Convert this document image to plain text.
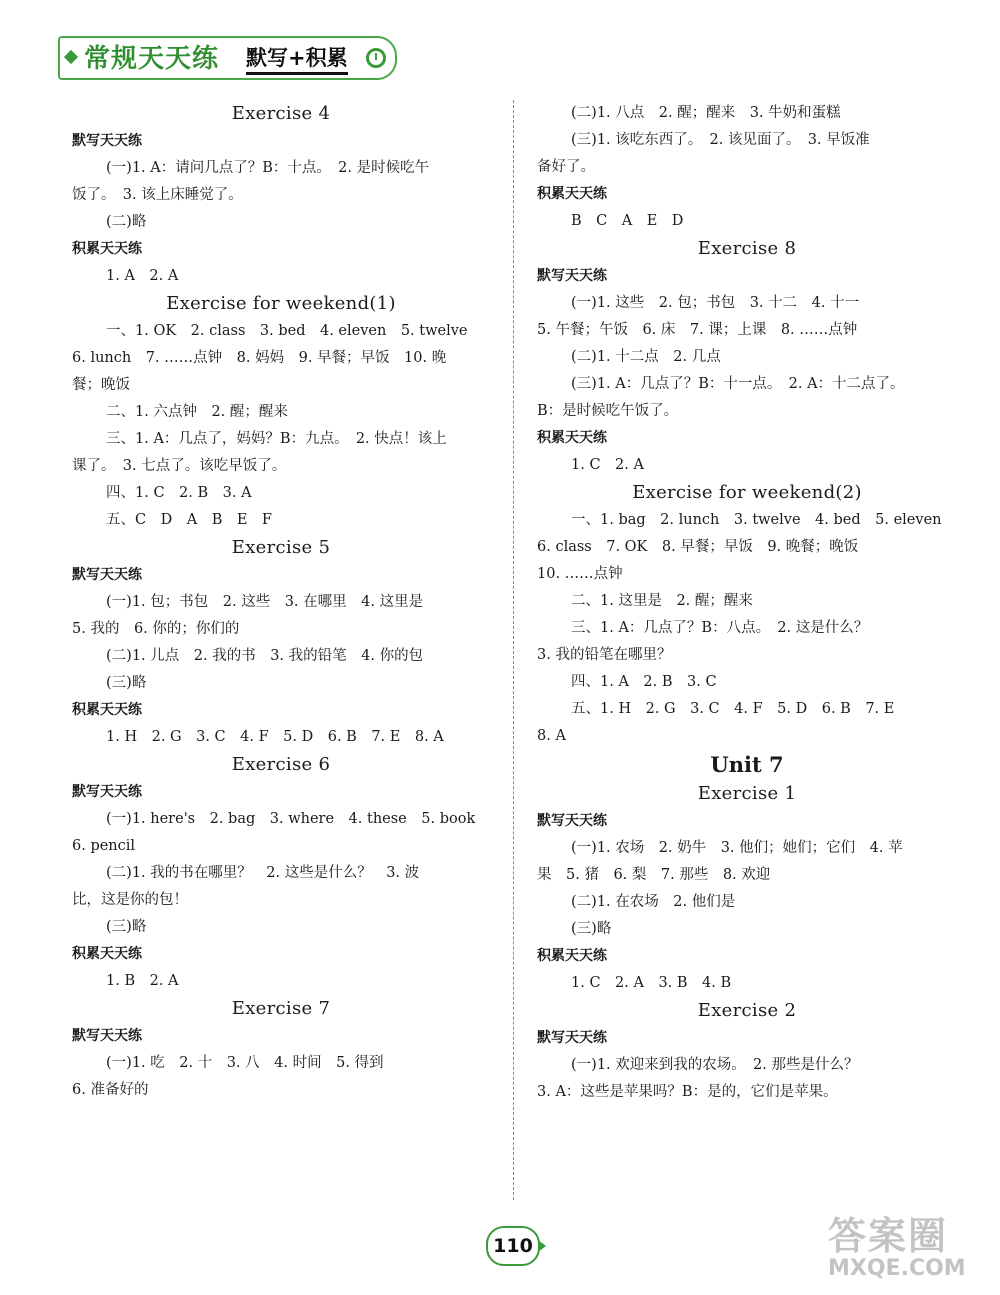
常规天天练 默写+积累
Exercise 4
默写天天练
(一)1. A：请问几点了？B：十点。　2. 是时候吃午
饭了。　3. 该上床睡觉了。
(二)略
积累天天练
1. A　2. A
Exercise for weekend(1)
一、1. OK　2. class　3. bed　4. eleven　5. twelve
6. lunch　7. ……点钟　8. 妈妈　9. 早餐；早饭　10. 晚
餐；晚饭
二、1. 六点钟　2. 醒；醒来
三、1. A：几点了，妈妈？B：九点。　2. 快点！该上
课了。　3. 七点了。该吃早饭了。
四、1. C　2. B　3. A
五、C　D　A　B　E　F
Exercise 5
默写天天练
(一)1. 包；书包　2. 这些　3. 在哪里　4. 这里是
5. 我的　6. 你的；你们的
(二)1. 儿点　2. 我的书　3. 我的铅笔　4. 你的包
(三)略
积累天天练
1. H　2. G　3. C　4. F　5. D　6. B　7. E　8. A
Exercise 6
默写天天练
(一)1. here's　2. bag　3. where　4. these　5. book
6. pencil
(二)1. 我的书在哪里？　2. 这些是什么？　3. 波
比，这是你的包！
(三)略
积累天天练
1. B　2. A
Exercise 7
默写天天练
(一)1. 吃　2. 十　3. 八　4. 时间　5. 得到
6. 准备好的
(二)1. 八点　2. 醒；醒来　3. 牛奶和蛋糕
(三)1. 该吃东西了。　2. 该见面了。　3. 早饭准
备好了。
积累天天练
B　C　A　E　D
Exercise 8
默写天天练
(一)1. 这些　2. 包；书包　3. 十二　4. 十一
5. 午餐；午饭　6. 床　7. 课；上课　8. ……点钟
(二)1. 十二点　2. 几点
(三)1. A：几点了？B：十一点。　2. A：十二点了。
B：是时候吃午饭了。
积累天天练
1. C　2. A
Exercise for weekend(2)
一、1. bag　2. lunch　3. twelve　4. bed　5. eleven
6. class　7. OK　8. 早餐；早饭　9. 晚餐；晚饭
10. ……点钟
二、1. 这里是　2. 醒；醒来
三、1. A：几点了？B：八点。　2. 这是什么？
3. 我的铅笔在哪里？
四、1. A　2. B　3. C
五、1. H　2. G　3. C　4. F　5. D　6. B　7. E
8. A
Unit 7
Exercise 1
默写天天练
(一)1. 农场　2. 奶牛　3. 他们；她们；它们　4. 苹
果　5. 猪　6. 梨　7. 那些　8. 欢迎
(二)1. 在农场　2. 他们是
(三)略
积累天天练
1. C　2. A　3. B　4. B
Exercise 2
默写天天练
(一)1. 欢迎来到我的农场。　2. 那些是什么？
3. A：这些是苹果吗？B：是的，它们是苹果。
110	答案圈
MXQE.COM
